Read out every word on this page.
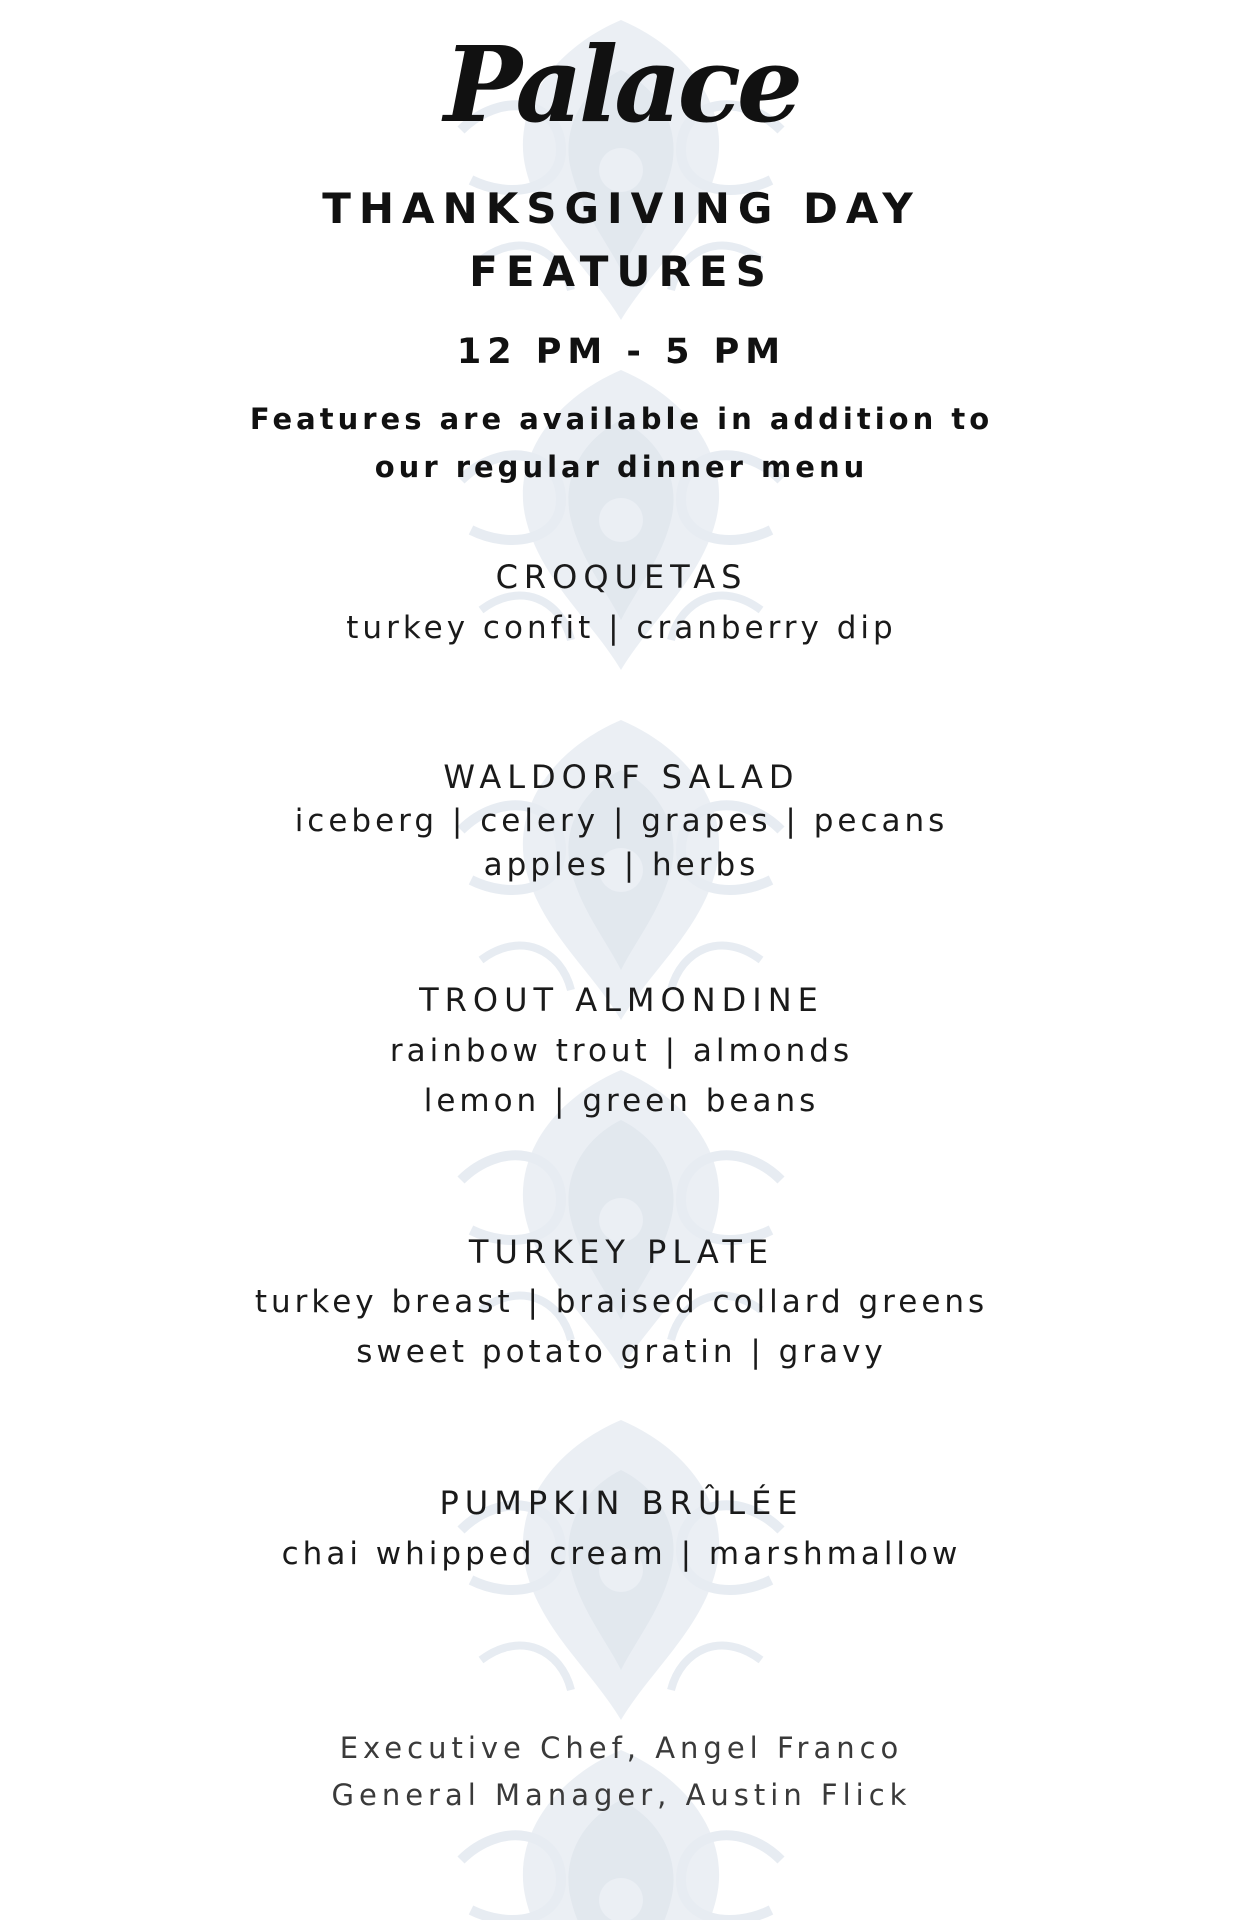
Palace
THANKSGIVING DAY
FEATURES
12 PM - 5 PM
Features are available in addition to
our regular dinner menu
CROQUETAS
turkey confit | cranberry dip
WALDORF SALAD
iceberg | celery | grapes | pecans
apples | herbs
TROUT ALMONDINE
rainbow trout | almonds
lemon | green beans
TURKEY PLATE
turkey breast | braised collard greens
sweet potato gratin | gravy
PUMPKIN BRÛLÉE
chai whipped cream | marshmallow
Executive Chef, Angel Franco
General Manager, Austin Flick
